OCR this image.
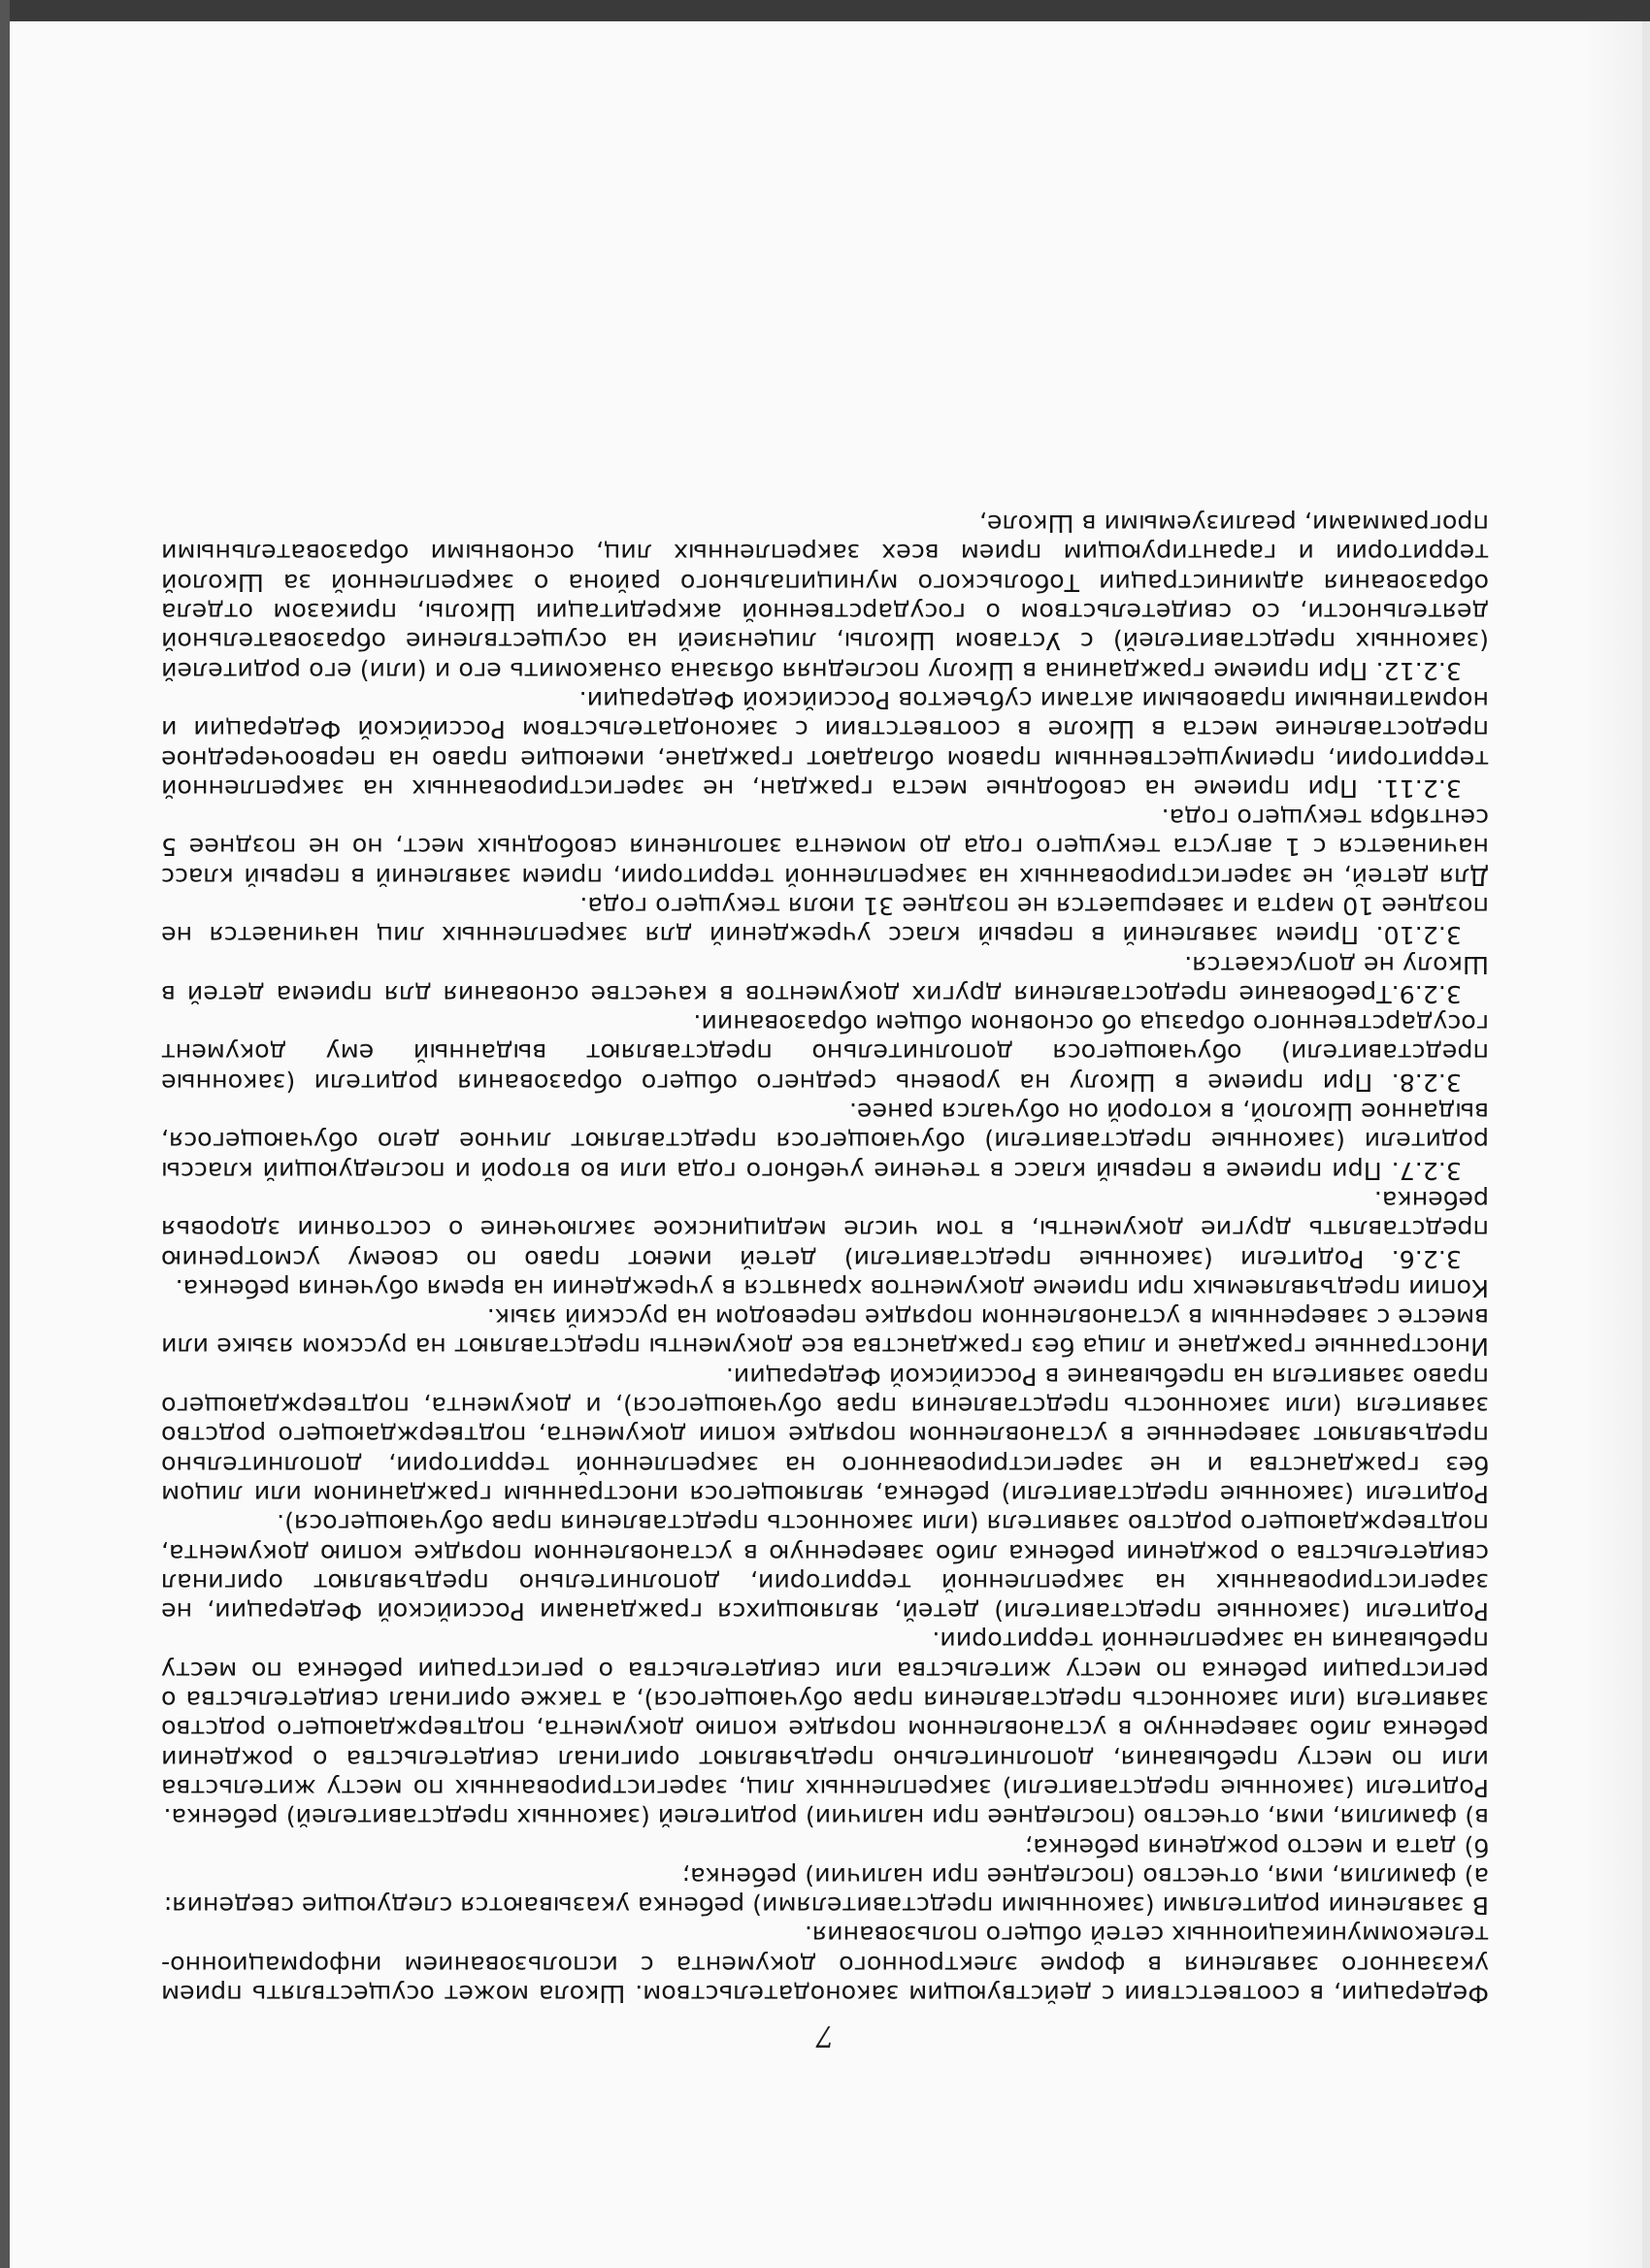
7

Федерации, в соответствии с действующим законодательством. Школа может осуществлять прием указанного заявления в форме электронного документа с использованием информационно-телекоммуникационных сетей общего пользования.

В заявлении родителями (законными представителями) ребенка указываются следующие сведения:

а) фамилия, имя, отчество (последнее при наличии) ребенка;

б) дата и место рождения ребенка;

в) фамилия, имя, отчество (последнее при наличии) родителей (законных представителей) ребенка.

Родители (законные представители) закрепленных лиц, зарегистрированных по месту жительства или по месту пребывания, дополнительно предъявляют оригинал свидетельства о рождении ребенка либо заверенную в установленном порядке копию документа, подтверждающего родство заявителя (или законность представления прав обучающегося), а также оригинал свидетельства о регистрации ребенка по месту жительства или свидетельства о регистрации ребенка по месту пребывания на закрепленной территории.

Родители (законные представители) детей, являющихся гражданами Российской Федерации, не зарегистрированных на закрепленной территории, дополнительно предъявляют оригинал свидетельства о рождении ребенка либо заверенную в установленном порядке копию документа, подтверждающего родство заявителя (или законность представления прав обучающегося).

Родители (законные представители) ребенка, являющегося иностранным гражданином или лицом без гражданства и не зарегистрированного на закрепленной территории, дополнительно предъявляют заверенные в установленном порядке копии документа, подтверждающего родство заявителя (или законность представления прав обучающегося), и документа, подтверждающего право заявителя на пребывание в Российской Федерации.

Иностранные граждане и лица без гражданства все документы представляют на русском языке или вместе с заверенным в установленном порядке переводом на русский язык.

Копии предъявляемых при приеме документов хранятся в учреждении на время обучения ребенка.

3.2.6. Родители (законные представители) детей имеют право по своему усмотрению представлять другие документы, в том числе медицинское заключение о состоянии здоровья ребенка.

3.2.7. При приеме в первый класс в течение учебного года или во второй и последующий классы родители (законные представители) обучающегося представляют личное дело обучающегося, выданное Школой, в которой он обучался ранее.

3.2.8. При приеме в Школу на уровень среднего общего образования родители (законные представители) обучающегося дополнительно представляют выданный ему документ государственного образца об основном общем образовании.

3.2.9.Требование предоставления других документов в качестве основания для приема детей в Школу не допускается.

3.2.10. Прием заявлений в первый класс учреждений для закрепленных лиц начинается не позднее 10 марта и завершается не позднее 31 июля текущего года.

Для детей, не зарегистрированных на закрепленной территории, прием заявлений в первый класс начинается с 1 августа текущего года до момента заполнения свободных мест, но не позднее 5 сентября текущего года.

3.2.11. При приеме на свободные места граждан, не зарегистрированных на закрепленной территории, преимущественным правом обладают граждане, имеющие право на первоочередное предоставление места в Школе в соответствии с законодательством Российской Федерации и нормативными правовыми актами субъектов Российской Федерации.

3.2.12. При приеме гражданина в Школу последняя обязана ознакомить его и (или) его родителей (законных представителей) с Уставом Школы, лицензией на осуществление образовательной деятельности, со свидетельством о государственной аккредитации Школы, приказом отдела образования администрации Тобольского муниципального района о закрепленной за Школой территории и гарантирующим прием всех закрепленных лиц, основными образовательными программами, реализуемыми в Школе,
